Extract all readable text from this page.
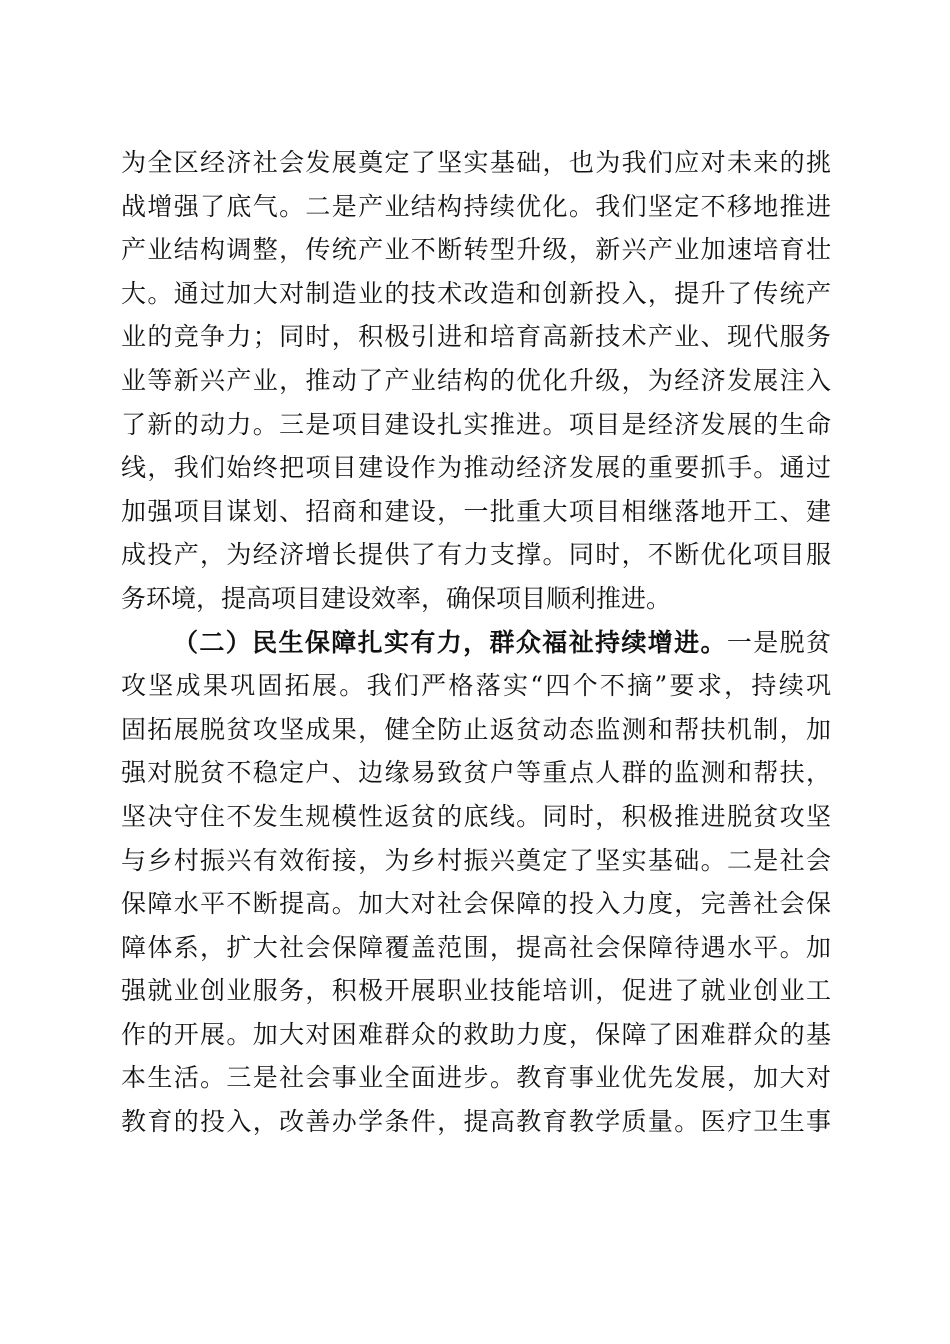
为全区经济社会发展奠定了坚实基础，也为我们应对未来的挑
战增强了底气。二是产业结构持续优化。我们坚定不移地推进
产业结构调整，传统产业不断转型升级，新兴产业加速培育壮
大。通过加大对制造业的技术改造和创新投入，提升了传统产
业的竞争力；同时，积极引进和培育高新技术产业、现代服务
业等新兴产业，推动了产业结构的优化升级，为经济发展注入
了新的动力。三是项目建设扎实推进。项目是经济发展的生命
线，我们始终把项目建设作为推动经济发展的重要抓手。通过
加强项目谋划、招商和建设，一批重大项目相继落地开工、建
成投产，为经济增长提供了有力支撑。同时，不断优化项目服
务环境，提高项目建设效率，确保项目顺利推进。
（二）民生保障扎实有力，群众福祉持续增进。一是脱贫
攻坚成果巩固拓展。我们严格落实“四个不摘”要求，持续巩
固拓展脱贫攻坚成果，健全防止返贫动态监测和帮扶机制，加
强对脱贫不稳定户、边缘易致贫户等重点人群的监测和帮扶，
坚决守住不发生规模性返贫的底线。同时，积极推进脱贫攻坚
与乡村振兴有效衔接，为乡村振兴奠定了坚实基础。二是社会
保障水平不断提高。加大对社会保障的投入力度，完善社会保
障体系，扩大社会保障覆盖范围，提高社会保障待遇水平。加
强就业创业服务，积极开展职业技能培训，促进了就业创业工
作的开展。加大对困难群众的救助力度，保障了困难群众的基
本生活。三是社会事业全面进步。教育事业优先发展，加大对
教育的投入，改善办学条件，提高教育教学质量。医疗卫生事
